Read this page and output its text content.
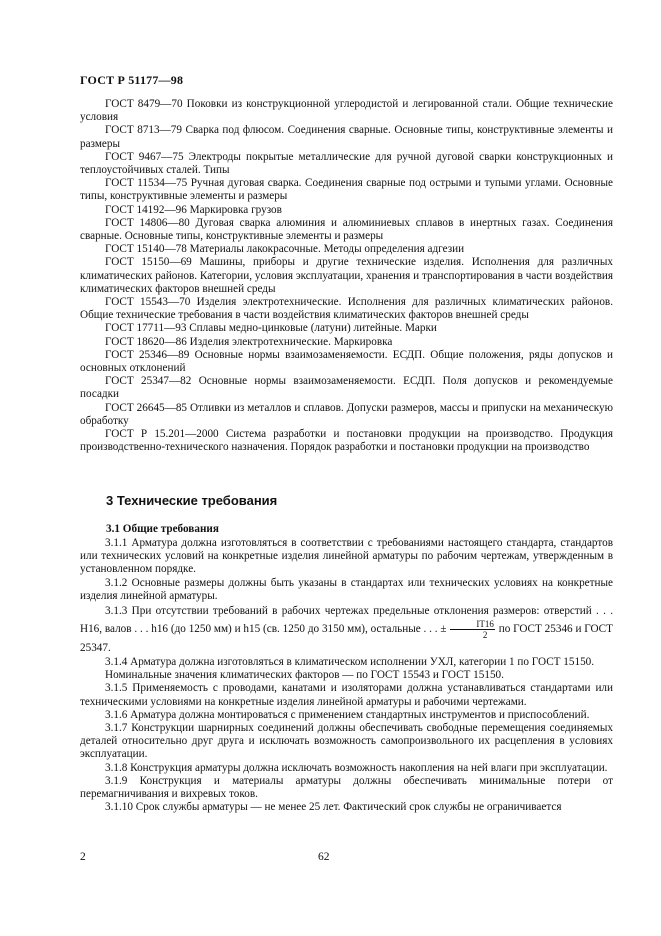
ГОСТ Р 51177—98

ГОСТ 8479—70 Поковки из конструкционной углеродистой и легированной стали. Общие технические условия

ГОСТ 8713—79 Сварка под флюсом. Соединения сварные. Основные типы, конструктивные элементы и размеры

ГОСТ 9467—75 Электроды покрытые металлические для ручной дуговой сварки конструкционных и теплоустойчивых сталей. Типы

ГОСТ 11534—75 Ручная дуговая сварка. Соединения сварные под острыми и тупыми углами. Основные типы, конструктивные элементы и размеры

ГОСТ 14192—96 Маркировка грузов

ГОСТ 14806—80 Дуговая сварка алюминия и алюминиевых сплавов в инертных газах. Соединения сварные. Основные типы, конструктивные элементы и размеры

ГОСТ 15140—78 Материалы лакокрасочные. Методы определения адгезии

ГОСТ 15150—69 Машины, приборы и другие технические изделия. Исполнения для различных климатических районов. Категории, условия эксплуатации, хранения и транспортирования в части воздействия климатических факторов внешней среды

ГОСТ 15543—70 Изделия электротехнические. Исполнения для различных климатических районов. Общие технические требования в части воздействия климатических факторов внешней среды

ГОСТ 17711—93 Сплавы медно-цинковые (латуни) литейные. Марки

ГОСТ 18620—86 Изделия электротехнические. Маркировка

ГОСТ 25346—89 Основные нормы взаимозаменяемости. ЕСДП. Общие положения, ряды допусков и основных отклонений

ГОСТ 25347—82 Основные нормы взаимозаменяемости. ЕСДП. Поля допусков и рекомендуемые посадки

ГОСТ 26645—85 Отливки из металлов и сплавов. Допуски размеров, массы и припуски на механическую обработку

ГОСТ Р 15.201—2000 Система разработки и постановки продукции на производство. Продукция производственно-технического назначения. Порядок разработки и постановки продукции на производство

3 Технические требования
3.1 Общие требования

3.1.1 Арматура должна изготовляться в соответствии с требованиями настоящего стандарта, стандартов или технических условий на конкретные изделия линейной арматуры по рабочим чертежам, утвержденным в установленном порядке.

3.1.2 Основные размеры должны быть указаны в стандартах или технических условиях на конкретные изделия линейной арматуры.

3.1.3 При отсутствии требований в рабочих чертежах предельные отклонения размеров: отверстий . . . H16, валов . . . h16 (до 1250 мм) и h15 (св. 1250 до 3150 мм), остальные . . . ± $\frac{IT16}{2}$ по ГОСТ 25346 и ГОСТ 25347.

3.1.4 Арматура должна изготовляться в климатическом исполнении УХЛ, категории 1 по ГОСТ 15150.

Номинальные значения климатических факторов — по ГОСТ 15543 и ГОСТ 15150.

3.1.5 Применяемость с проводами, канатами и изоляторами должна устанавливаться стандартами или техническими условиями на конкретные изделия линейной арматуры и рабочими чертежами.

3.1.6 Арматура должна монтироваться с применением стандартных инструментов и приспособлений.

3.1.7 Конструкции шарнирных соединений должны обеспечивать свободные перемещения соединяемых деталей относительно друг друга и исключать возможность самопроизвольного их расцепления в условиях эксплуатации.

3.1.8 Конструкция арматуры должна исключать возможность накопления на ней влаги при эксплуатации.

3.1.9 Конструкция и материалы арматуры должны обеспечивать минимальные потери от перемагничивания и вихревых токов.

3.1.10 Срок службы арматуры — не менее 25 лет. Фактический срок службы не ограничивается

2	62
